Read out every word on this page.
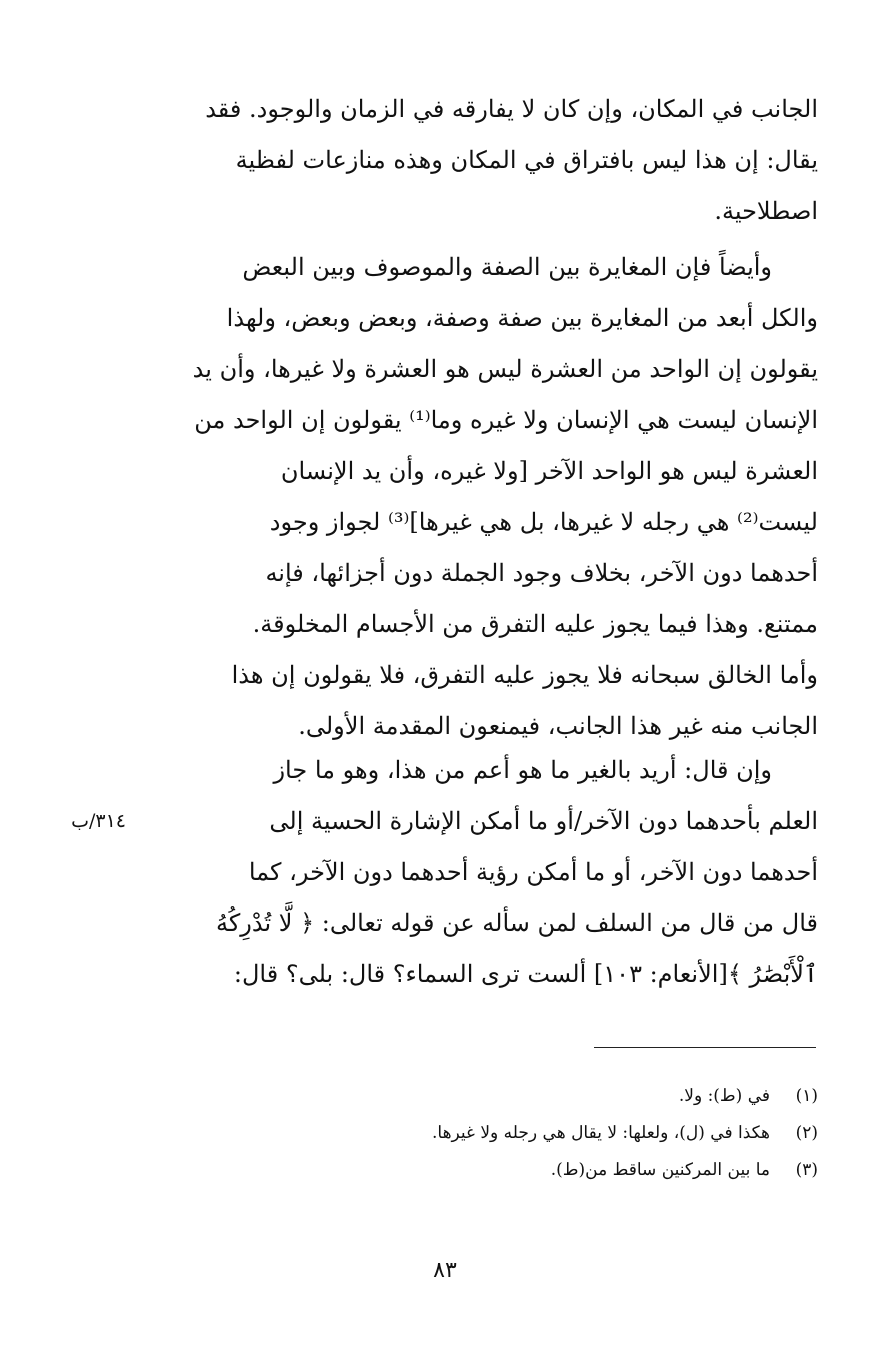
الجانب في المكان، وإن كان لا يفارقه في الزمان والوجود. فقد
يقال: إن هذا ليس بافتراق في المكان وهذه منازعات لفظية
اصطلاحية.
وأيضاً فإن المغايرة بين الصفة والموصوف وبين البعض
والكل أبعد من المغايرة بين صفة وصفة، وبعض وبعض، ولهذا
يقولون إن الواحد من العشرة ليس هو العشرة ولا غيرها، وأن يد
الإنسان ليست هي الإنسان ولا غيره وما⁽¹⁾ يقولون إن الواحد من
العشرة ليس هو الواحد الآخر [ولا غيره، وأن يد الإنسان
ليست⁽²⁾ هي رجله لا غيرها، بل هي غيرها]⁽³⁾ لجواز وجود
أحدهما دون الآخر، بخلاف وجود الجملة دون أجزائها، فإنه
ممتنع. وهذا فيما يجوز عليه التفرق من الأجسام المخلوقة.
وأما الخالق سبحانه فلا يجوز عليه التفرق، فلا يقولون إن هذا
الجانب منه غير هذا الجانب، فيمنعون المقدمة الأولى.
وإن قال: أريد بالغير ما هو أعم من هذا، وهو ما جاز
العلم بأحدهما دون الآخر/أو ما أمكن الإشارة الحسية إلى
أحدهما دون الآخر، أو ما أمكن رؤية أحدهما دون الآخر، كما
قال من قال من السلف لمن سأله عن قوله تعالى: ﴿ لَّا تُدْرِكُهُ
ٱلْأَبْصَٰرُ ﴾[الأنعام: ١٠٣] ألست ترى السماء؟ قال: بلى؟ قال:
٣١٤/ب
(١)في (ط): ولا.
(٢)هكذا في (ل)، ولعلها: لا يقال هي رجله ولا غيرها.
(٣)ما بين المركنين ساقط من(ط).
٨٣
